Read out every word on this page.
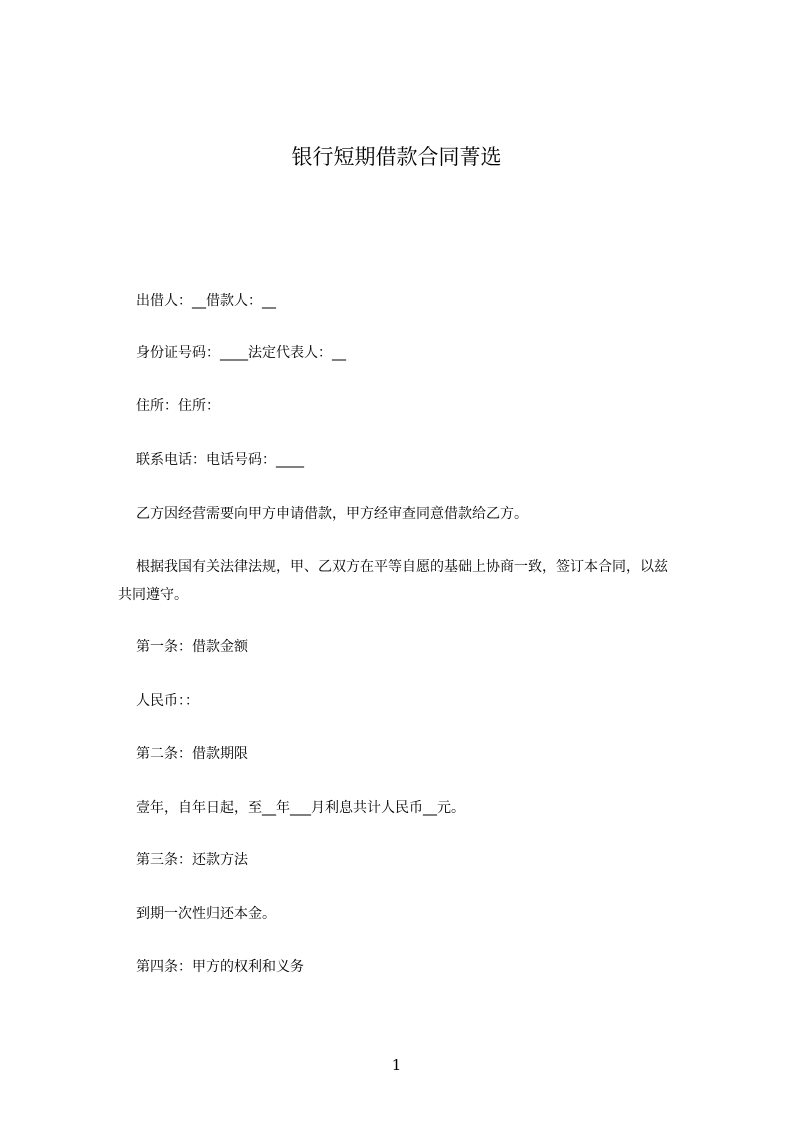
银行短期借款合同菁选

出借人：__借款人：__

身份证号码：____法定代表人：__

住所：住所：

联系电话：电话号码：____

乙方因经营需要向甲方申请借款，甲方经审查同意借款给乙方。

根据我国有关法律法规，甲、乙双方在平等自愿的基础上协商一致，签订本合同，以兹共同遵守。

第一条：借款金额

人民币：：

第二条：借款期限

壹年，自年日起，至__年___月利息共计人民币__元。

第三条：还款方法

到期一次性归还本金。

第四条：甲方的权利和义务

1
